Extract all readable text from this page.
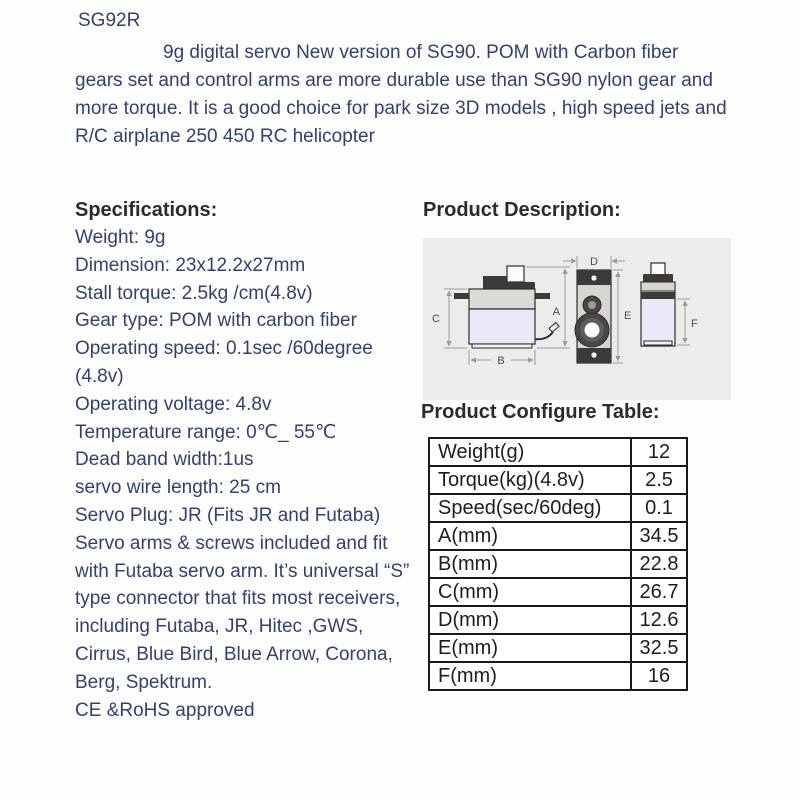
SG92R
9g digital servo New version of SG90. POM with Carbon fiber gears set and control arms are more durable use than SG90 nylon gear and more torque. It is a good choice for park size 3D models , high speed jets and R/C airplane 250 450 RC helicopter
Specifications:
Weight: 9g
Dimension: 23x12.2x27mm
Stall torque: 2.5kg /cm(4.8v)
Gear type: POM with carbon fiber
Operating speed: 0.1sec /60degree
(4.8v)
Operating voltage: 4.8v
Temperature range: 0℃_ 55℃
Dead band width:1us
servo wire length: 25 cm
Servo Plug: JR (Fits JR and Futaba)
Servo arms & screws included and fit
with Futaba servo arm. It’s universal “S”
type connector that fits most receivers,
including Futaba, JR, Hitec ,GWS,
Cirrus, Blue Bird, Blue Arrow, Corona,
Berg, Spektrum.
CE &RoHS approved
Product Description:
C
A
B
D
E
F
Product Configure Table:
Weight(g)	12
Torque(kg)(4.8v)	2.5
Speed(sec/60deg)	0.1
A(mm)	34.5
B(mm)	22.8
C(mm)	26.7
D(mm)	12.6
E(mm)	32.5
F(mm)	16
